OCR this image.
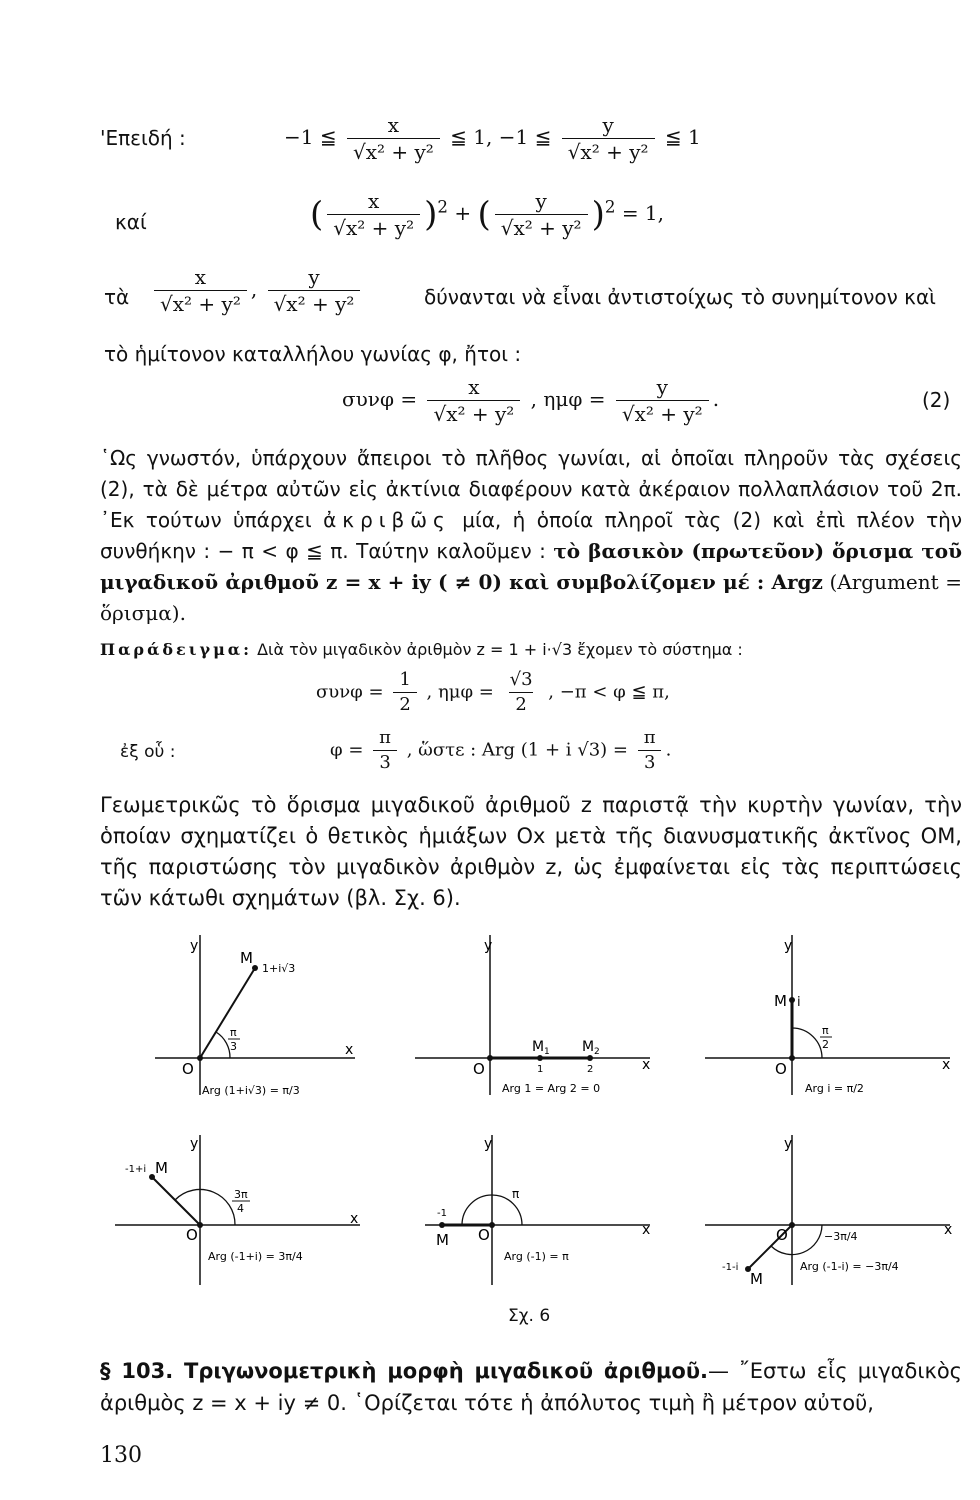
'Επειδή :	−1 ≦ $\frac{x}{\text{√x² + y²}}$ ≦ 1, −1 ≦ $\frac{y}{\text{√x² + y²}}$ ≦ 1
καί	( $\frac{x}{\text{√x² + y²}} )^2$ + ( $\frac{y}{\text{√x² + y²}} )^2 = 1$,
τὰ $\frac{x}{\text{√x² + y²}}$ , $\frac{y}{\text{√x² + y²}}$	δύνανται νὰ εἶναι ἀντιστοίχως τὸ συνημίτονον καὶ
τὸ ἡμίτονον καταλλήλου γωνίας φ, ἤτοι :
$\sigma\upsilon\nu\varphi = \frac{x}{\text{√x² + y²}}$ , $\eta\mu\varphi = \frac{y}{\text{√x² + y²}}$ .	(2)
῾Ως γνωστόν, ὑπάρχουν ἄπειροι τὸ πλῆθος γωνίαι, αἱ ὁποῖαι πληροῦν τὰς σχέσεις (2), τὰ δὲ μέτρα αὐτῶν εἰς ἀκτίνια διαφέρουν κατὰ ἀκέραιον πολλαπλάσιον τοῦ 2π. ᾿Εκ τούτων ὑπάρχει ἀκριβῶς μία, ἡ ὁποία πληροῖ τὰς (2) καὶ ἐπὶ πλέον τὴν συνθήκην : − π < φ ≦ π. Ταύτην καλοῦμεν : τὸ βασικὸν (πρωτεῦον) ὅρισμα τοῦ μιγαδικοῦ ἀριθμοῦ z = x + iy ( ≠ 0) καὶ συμβολίζομεν μέ : Argz (Argument = ὅρισμα).
Παράδειγμα: Διὰ τὸν μιγαδικὸν ἀριθμὸν z = 1 + i·√3 ἔχομεν τὸ σύστημα :
$\sigma\upsilon\nu\varphi = \frac{1}{2}$ , $\eta\mu\varphi = \frac{√3}{2}$ , −π < φ ≦ π,
ἐξ οὗ :	$\varphi = \frac{\pi}{3}$ , ὥστε : Arg (1 + i $√3) = \frac{\pi}{3}$ .
Γεωμετρικῶς τὸ ὅρισμα μιγαδικοῦ ἀριθμοῦ z παριστᾷ τὴν κυρτὴν γωνίαν, τὴν ὁποίαν σχηματίζει ὁ θετικὸς ἡμιάξων Οx μετὰ τῆς διανυσματικῆς ἀκτῖνος ΟΜ, τῆς παριστώσης τὸν μιγαδικὸν ἀριθμὸν z, ὡς ἐμφαίνεται εἰς τὰς περιπτώσεις τῶν κάτωθι σχημάτων (βλ. Σχ. 6).
y
x
O
M
1+i√3
π
3
Arg (1+i√3) = π/3
y
x
O
M 1 M 2
1	2
Arg 1 = Arg 2 = 0
y
x
O
M i
π
2
Arg i = π/2
y
x
O
M
-1+i
3π
4
Arg (-1+i) = 3π/4
y
x
O
M
-1
π
Arg (-1) = π
y
x
O
M
-1-i
−3π/4
Arg (-1-i) = −3π/4
Σχ. 6
§ 103. Τριγωνομετρικὴ μορφὴ μιγαδικοῦ ἀριθμοῦ.— ῎Εστω εἷς μιγαδικὸς ἀριθμὸς z = x + iy ≠ 0. ῾Ορίζεται τότε ἡ ἀπόλυτος τιμὴ ἢ μέτρον αὐτοῦ,
130
